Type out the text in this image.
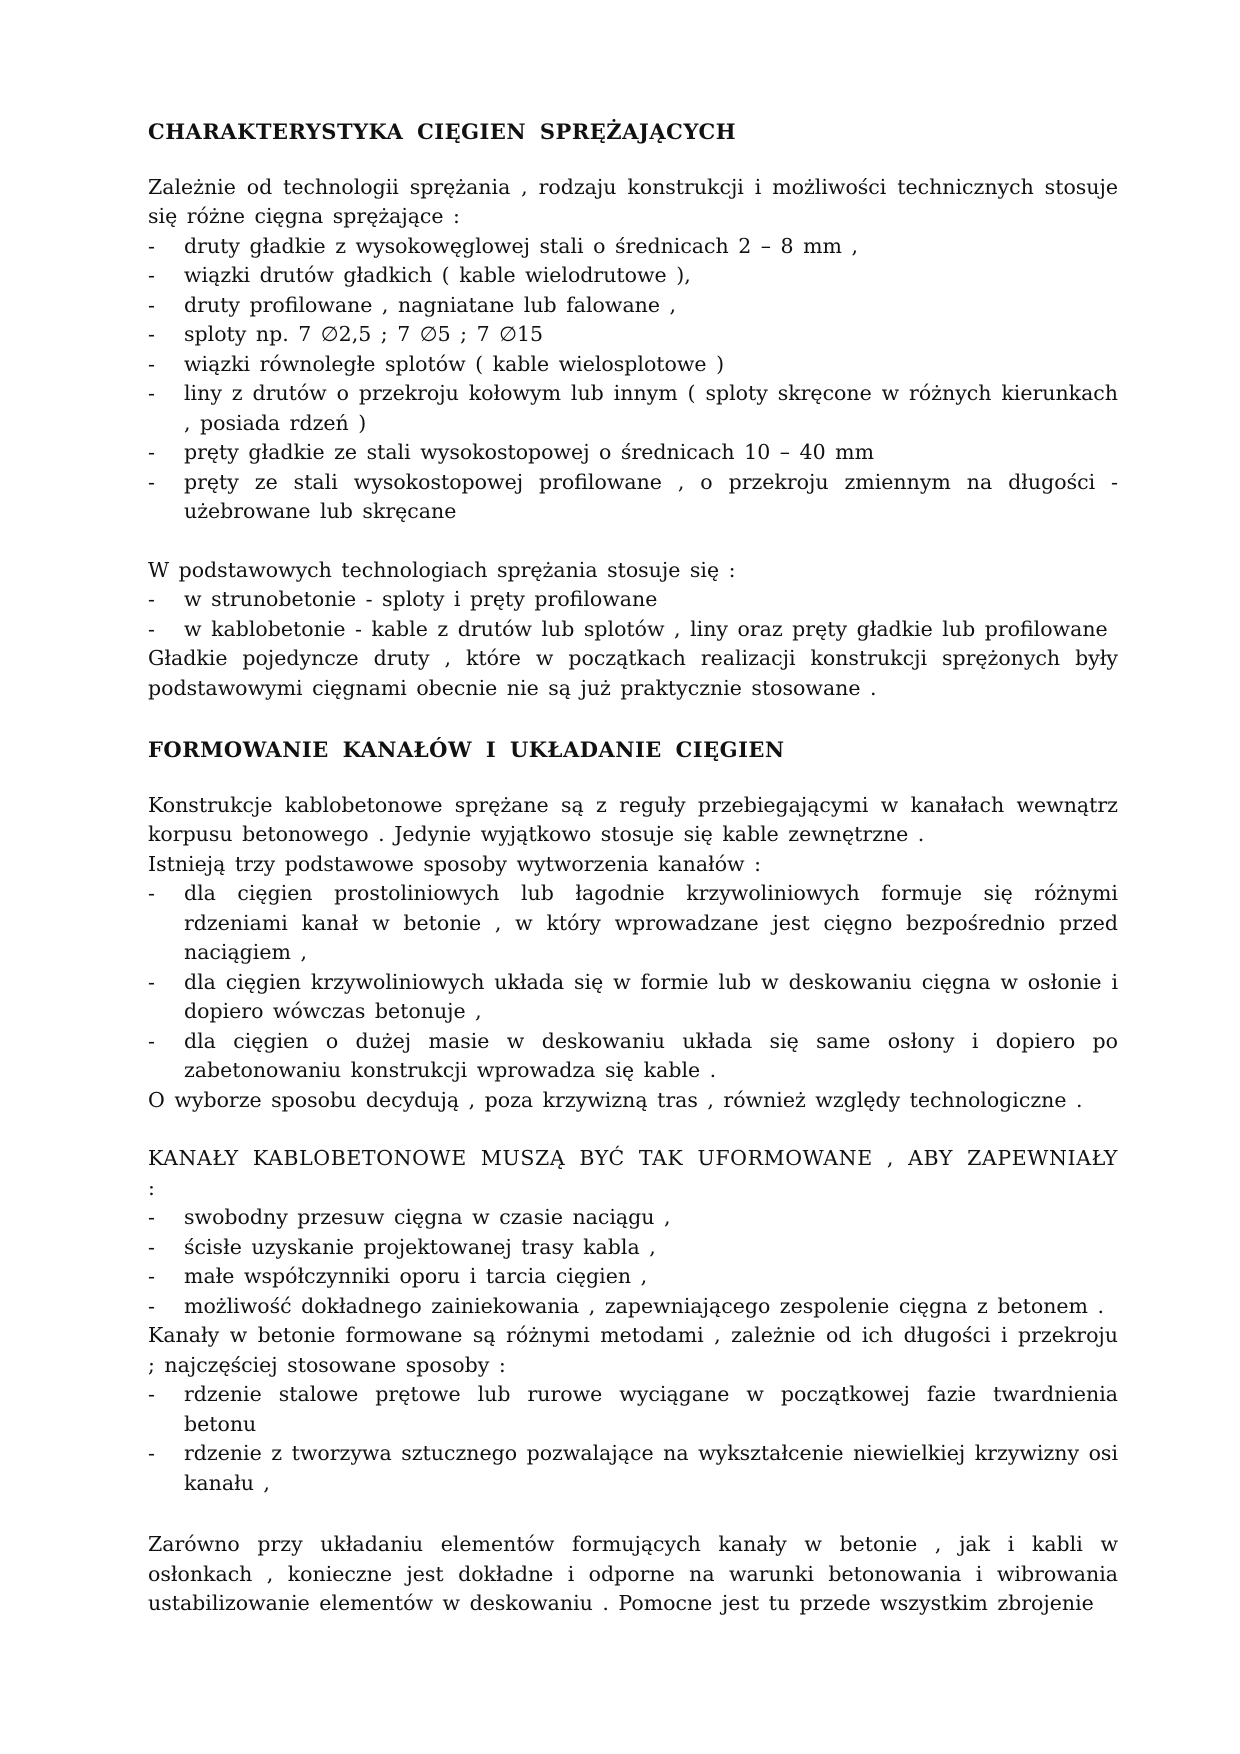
CHARAKTERYSTYKA CIĘGIEN SPRĘŻAJĄCYCH

Zależnie od technologii sprężania , rodzaju konstrukcji i możliwości technicznych stosuje się różne cięgna sprężające :

- druty gładkie z wysokowęglowej stali o średnicach 2 – 8 mm ,
- wiązki drutów gładkich ( kable wielodrutowe ),
- druty profilowane , nagniatane lub falowane ,
- sploty np. 7 ∅2,5 ; 7 ∅5 ; 7 ∅15
- wiązki równoległe splotów ( kable wielosplotowe )
- liny z drutów o przekroju kołowym lub innym ( sploty skręcone w różnych kierunkach , posiada rdzeń )
- pręty gładkie ze stali wysokostopowej o średnicach 10 – 40 mm
- pręty ze stali wysokostopowej profilowane , o przekroju zmiennym na długości - użebrowane lub skręcane

W podstawowych technologiach sprężania stosuje się :

- w strunobetonie - sploty i pręty profilowane
- w kablobetonie - kable z drutów lub splotów , liny oraz pręty gładkie lub profilowane

Gładkie pojedyncze druty , które w początkach realizacji konstrukcji sprężonych były podstawowymi cięgnami obecnie nie są już praktycznie stosowane .

FORMOWANIE KANAŁÓW I UKŁADANIE CIĘGIEN

Konstrukcje kablobetonowe sprężane są z reguły przebiegającymi w kanałach wewnątrz korpusu betonowego . Jedynie wyjątkowo stosuje się kable zewnętrzne .

Istnieją trzy podstawowe sposoby wytworzenia kanałów :

- dla cięgien prostoliniowych lub łagodnie krzywoliniowych formuje się różnymi rdzeniami kanał w betonie , w który wprowadzane jest cięgno bezpośrednio przed naciągiem ,
- dla cięgien krzywoliniowych układa się w formie lub w deskowaniu cięgna w osłonie i dopiero wówczas betonuje ,
- dla cięgien o dużej masie w deskowaniu układa się same osłony i dopiero po zabetonowaniu konstrukcji wprowadza się kable .

O wyborze sposobu decydują , poza krzywizną tras , również względy technologiczne .

KANAŁY KABLOBETONOWE MUSZĄ BYĆ TAK UFORMOWANE , ABY ZAPEWNIAŁY :

- swobodny przesuw cięgna w czasie naciągu ,
- ścisłe uzyskanie projektowanej trasy kabla ,
- małe współczynniki oporu i tarcia cięgien ,
- możliwość dokładnego zainiekowania , zapewniającego zespolenie cięgna z betonem .

Kanały w betonie formowane są różnymi metodami , zależnie od ich długości i przekroju ; najczęściej stosowane sposoby :

- rdzenie stalowe prętowe lub rurowe wyciągane w początkowej fazie twardnienia betonu
- rdzenie z tworzywa sztucznego pozwalające na wykształcenie niewielkiej krzywizny osi kanału ,

Zarówno przy układaniu elementów formujących kanały w betonie , jak i kabli w osłonkach , konieczne jest dokładne i odporne na warunki betonowania i wibrowania ustabilizowanie elementów w deskowaniu . Pomocne jest tu przede wszystkim zbrojenie
